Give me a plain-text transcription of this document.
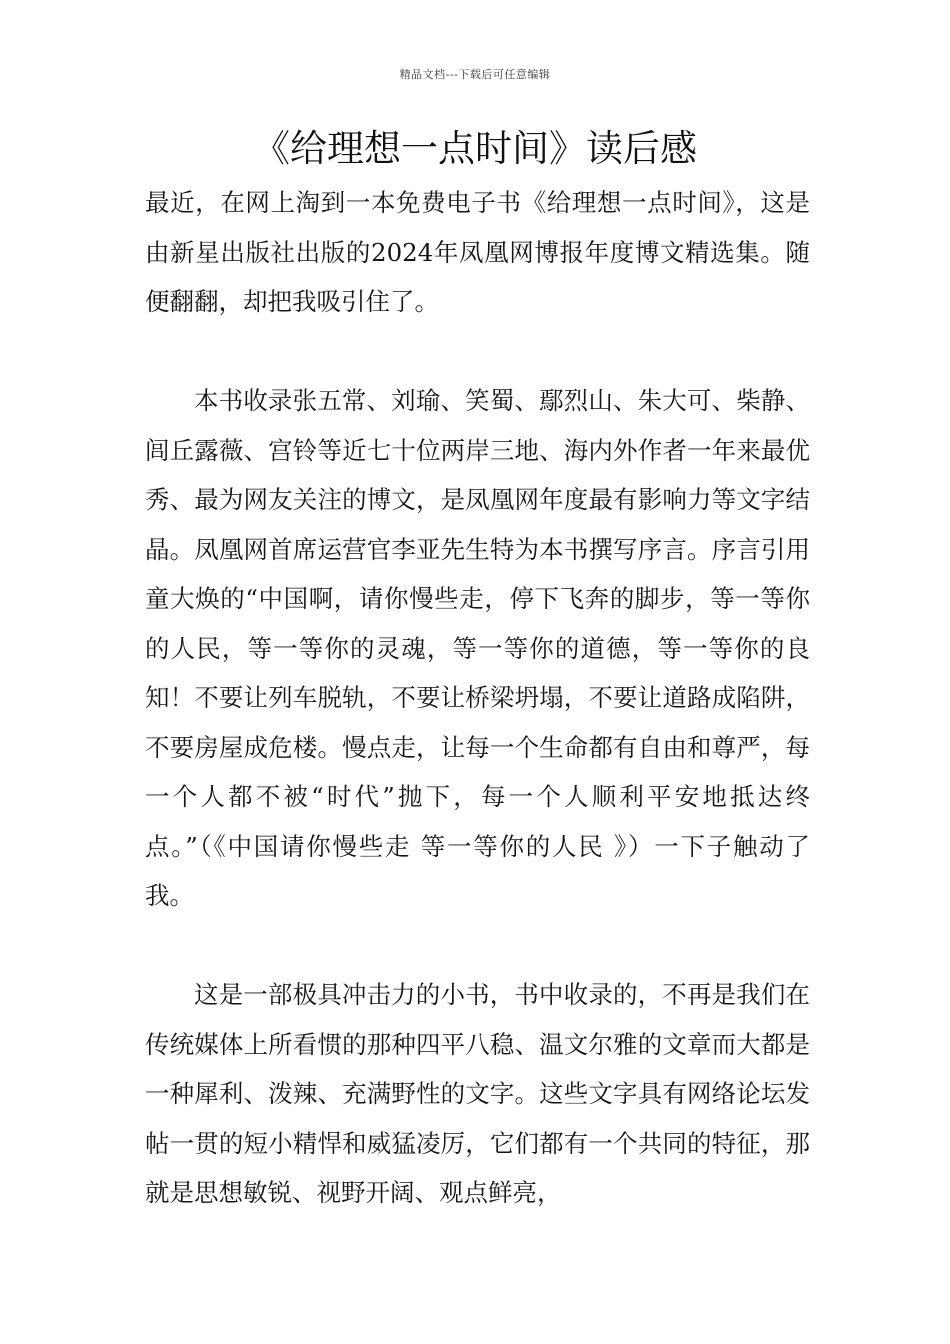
精品文档---下载后可任意编辑
《给理想一点时间》读后感

最近，在网上淘到一本免费电子书《给理想一点时间》，这是由新星出版社出版的2024年凤凰网博报年度博文精选集。随便翻翻，却把我吸引住了。

本书收录张五常、刘瑜、笑蜀、鄢烈山、朱大可、柴静、闾丘露薇、宫铃等近七十位两岸三地、海内外作者一年来最优秀、最为网友关注的博文，是凤凰网年度最有影响力等文字结晶。凤凰网首席运营官李亚先生特为本书撰写序言。序言引用童大焕的“中国啊，请你慢些走，停下飞奔的脚步，等一等你的人民，等一等你的灵魂，等一等你的道德，等一等你的良知！不要让列车脱轨，不要让桥梁坍塌，不要让道路成陷阱，不要房屋成危楼。慢点走，让每一个生命都有自由和尊严，每一个人都不被“时代”抛下，每一个人顺利平安地抵达终点。”（《中国请你慢些走 等一等你的人民 》）一下子触动了我。

这是一部极具冲击力的小书，书中收录的，不再是我们在传统媒体上所看惯的那种四平八稳、温文尔雅的文章而大都是一种犀利、泼辣、充满野性的文字。这些文字具有网络论坛发帖一贯的短小精悍和威猛凌厉，它们都有一个共同的特征，那就是思想敏锐、视野开阔、观点鲜亮，
